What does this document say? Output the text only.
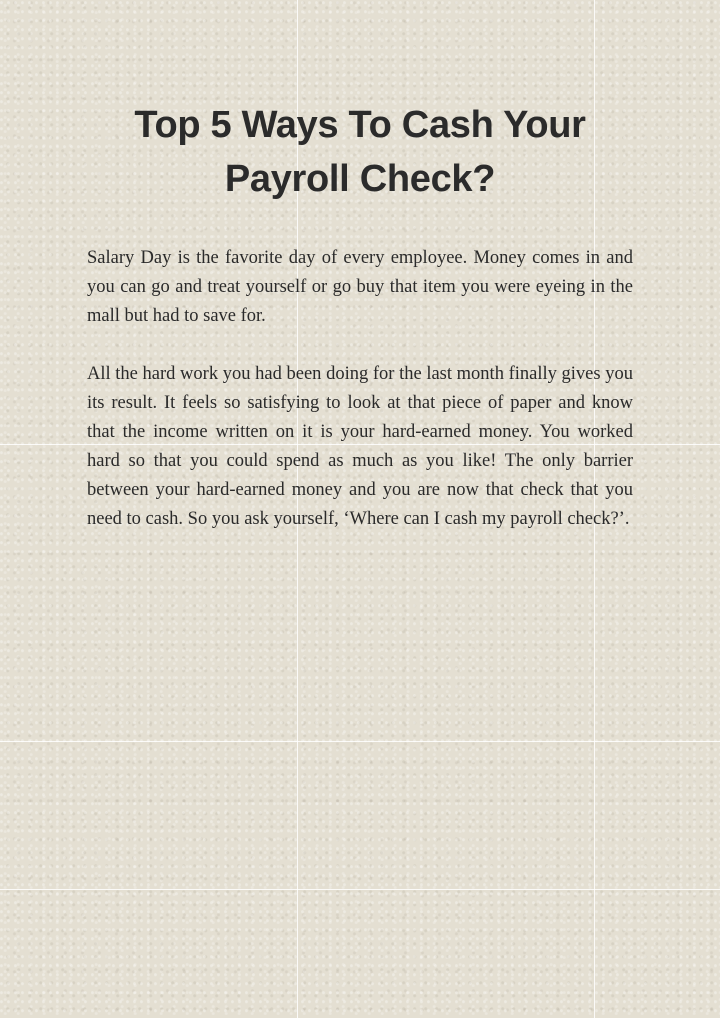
Top 5 Ways To Cash Your Payroll Check?

Salary Day is the favorite day of every employee. Money comes in and you can go and treat yourself or go buy that item you were eyeing in the mall but had to save for.

All the hard work you had been doing for the last month finally gives you its result. It feels so satisfying to look at that piece of paper and know that the income written on it is your hard-earned money. You worked hard so that you could spend as much as you like! The only barrier between your hard-earned money and you are now that check that you need to cash. So you ask yourself, ‘Where can I cash my payroll check?’.
